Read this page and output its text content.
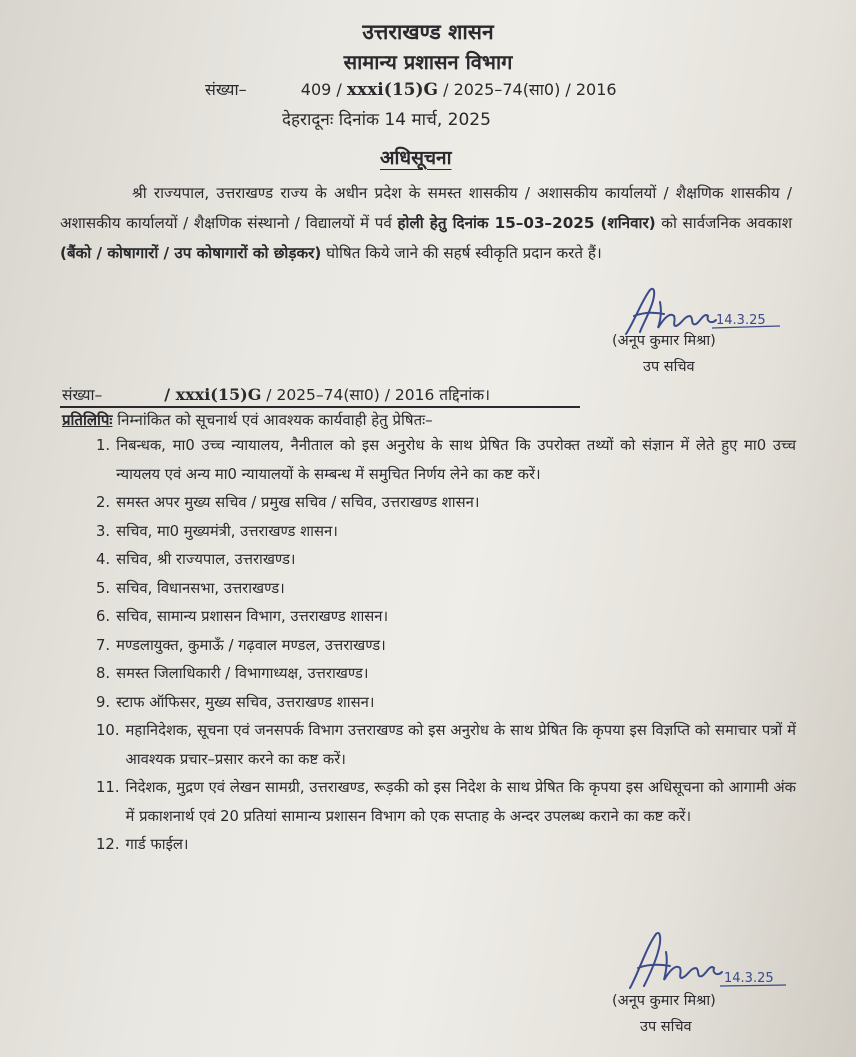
उत्तराखण्ड शासन
सामान्य प्रशासन विभाग
संख्या–	409 / xxxi(15)G / 2025–74(सा0) / 2016
देहरादूनः दिनांक 14 मार्च, 2025
अधिसूचना
श्री राज्यपाल, उत्तराखण्ड राज्य के अधीन प्रदेश के समस्त शासकीय / अशासकीय कार्यालयों / शैक्षणिक शासकीय / अशासकीय कार्यालयों / शैक्षणिक संस्थानो / विद्यालयों में पर्व होली हेतु दिनांक 15–03–2025 (शनिवार) को सार्वजनिक अवकाश (बैंको / कोषागारों / उप कोषागारों को छोड़कर) घोषित किये जाने की सहर्ष स्वीकृति प्रदान करते हैं।
14.3.25
(अनूप कुमार मिश्रा)
उप सचिव
संख्या–	/ xxxi(15)G / 2025–74(सा0) / 2016 तद्दिनांक।
प्रतिलिपिः निम्नांकित को सूचनार्थ एवं आवश्यक कार्यवाही हेतु प्रेषितः–
1. निबन्धक, मा0 उच्च न्यायालय, नैनीताल को इस अनुरोध के साथ प्रेषित कि उपरोक्त तथ्यों को संज्ञान में लेते हुए मा0 उच्च न्यायलय एवं अन्य मा0 न्यायालयों के सम्बन्ध में समुचित निर्णय लेने का कष्ट करें।
2. समस्त अपर मुख्य सचिव / प्रमुख सचिव / सचिव, उत्तराखण्ड शासन।
3. सचिव, मा0 मुख्यमंत्री, उत्तराखण्ड शासन।
4. सचिव, श्री राज्यपाल, उत्तराखण्ड।
5. सचिव, विधानसभा, उत्तराखण्ड।
6. सचिव, सामान्य प्रशासन विभाग, उत्तराखण्ड शासन।
7. मण्डलायुक्त, कुमाऊँ / गढ़वाल मण्डल, उत्तराखण्ड।
8. समस्त जिलाधिकारी / विभागाध्यक्ष, उत्तराखण्ड।
9. स्टाफ ऑफिसर, मुख्य सचिव, उत्तराखण्ड शासन।
10. महानिदेशक, सूचना एवं जनसपर्क विभाग उत्तराखण्ड को इस अनुरोध के साथ प्रेषित कि कृपया इस विज्ञप्ति को समाचार पत्रों में आवश्यक प्रचार–प्रसार करने का कष्ट करें।
11. निदेशक, मुद्रण एवं लेखन सामग्री, उत्तराखण्ड, रूड़की को इस निदेश के साथ प्रेषित कि कृपया इस अधिसूचना को आगामी अंक में प्रकाशनार्थ एवं 20 प्रतियां सामान्य प्रशासन विभाग को एक सप्ताह के अन्दर उपलब्ध कराने का कष्ट करें।
12. गार्ड फाईल।
14.3.25
(अनूप कुमार मिश्रा)
उप सचिव
